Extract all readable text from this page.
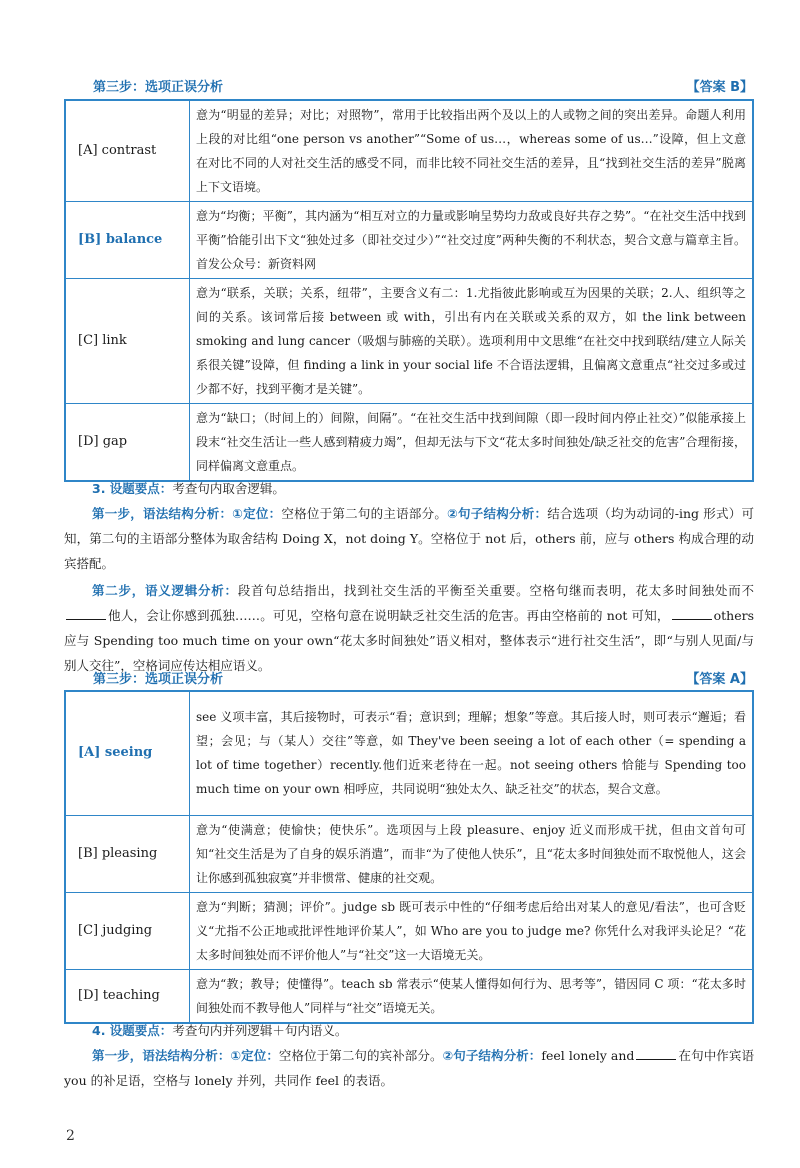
第三步：选项正误分析	【答案 B】
[A] contrast	意为“明显的差异；对比；对照物”，常用于比较指出两个及以上的人或物之间的突出差异。命题人利用上段的对比组“one person vs another”“Some of us…，whereas some of us…”设障，但上文意在对比不同的人对社交生活的感受不同，而非比较不同社交生活的差异，且“找到社交生活的差异”脱离上下文语境。
[B] balance	意为“均衡；平衡”，其内涵为“相互对立的力量或影响呈势均力敌或良好共存之势”。“在社交生活中找到平衡”恰能引出下文“独处过多（即社交过少）”“社交过度”两种失衡的不利状态，契合文意与篇章主旨。首发公众号：新资料网
[C] link	意为“联系，关联；关系，纽带”，主要含义有二：1.尤指彼此影响或互为因果的关联；2.人、组织等之间的关系。该词常后接 between 或 with，引出有内在关联或关系的双方，如 the link between smoking and lung cancer（吸烟与肺癌的关联）。选项利用中文思维“在社交中找到联结/建立人际关系很关键”设障，但 finding a link in your social life 不合语法逻辑，且偏离文意重点“社交过多或过少都不好，找到平衡才是关键”。
[D] gap	意为“缺口；（时间上的）间隙，间隔”。“在社交生活中找到间隙（即一段时间内停止社交）”似能承接上段末“社交生活让一些人感到精疲力竭”，但却无法与下文“花太多时间独处/缺乏社交的危害”合理衔接，同样偏离文意重点。
3. 设题要点：考查句内取舍逻辑。
第一步，语法结构分析：①定位：空格位于第二句的主语部分。②句子结构分析：结合选项（均为动词的-ing 形式）可知，第二句的主语部分整体为取舍结构 Doing X，not doing Y。空格位于 not 后，others 前，应与 others 构成合理的动宾搭配。
第二步，语义逻辑分析：段首句总结指出，找到社交生活的平衡至关重要。空格句继而表明，花太多时间独处而不他人，会让你感到孤独……。可见，空格句意在说明缺乏社交生活的危害。再由空格前的 not 可知，	others 应与 Spending too much time on your own“花太多时间独处”语义相对，整体表示“进行社交生活”，即“与别人见面/与别人交往”，空格词应传达相应语义。
第三步：选项正误分析	【答案 A】
[A] seeing	see 义项丰富，其后接物时，可表示“看；意识到；理解；想象”等意。其后接人时，则可表示“邂逅；看望；会见；与（某人）交往”等意，如 They've been seeing a lot of each other（= spending a lot of time together）recently.他们近来老待在一起。not seeing others 恰能与 Spending too much time on your own 相呼应，共同说明“独处太久、缺乏社交”的状态，契合文意。
[B] pleasing	意为“使满意；使愉快；使快乐”。选项因与上段 pleasure、enjoy 近义而形成干扰，但由文首句可知“社交生活是为了自身的娱乐消遣”，而非“为了使他人快乐”，且“花太多时间独处而不取悦他人，这会让你感到孤独寂寞”并非惯常、健康的社交观。
[C] judging	意为“判断；猜测；评价”。judge sb 既可表示中性的“仔细考虑后给出对某人的意见/看法”，也可含贬义“尤指不公正地或批评性地评价某人”，如 Who are you to judge me? 你凭什么对我评头论足？“花太多时间独处而不评价他人”与“社交”这一大语境无关。
[D] teaching	意为“教；教导；使懂得”。teach sb 常表示“使某人懂得如何行为、思考等”，错因同 C 项：“花太多时间独处而不教导他人”同样与“社交”语境无关。
4. 设题要点：考查句内并列逻辑＋句内语义。
第一步，语法结构分析：①定位：空格位于第二句的宾补部分。②句子结构分析：feel lonely and	在句中作宾语 you 的补足语，空格与 lonely 并列，共同作 feel 的表语。
2
